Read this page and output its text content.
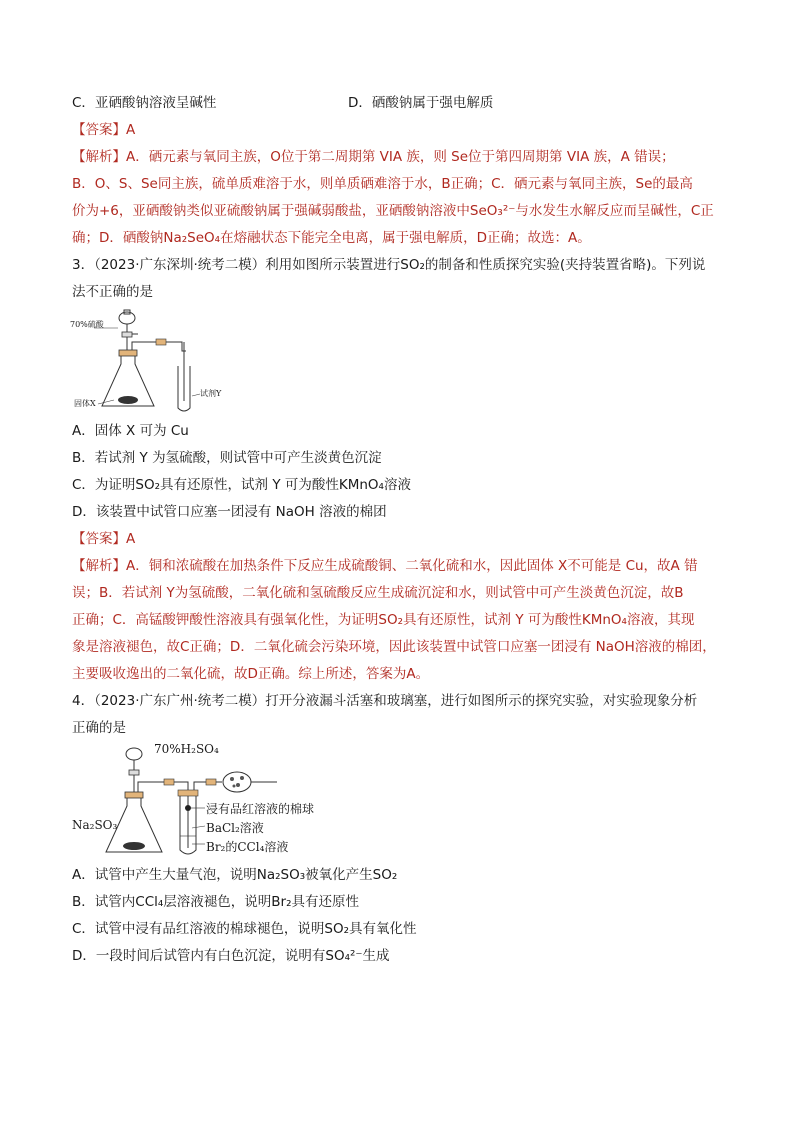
C．亚硒酸钠溶液呈碱性	D．硒酸钠属于强电解质
【答案】A
【解析】A．硒元素与氧同主族，O位于第二周期第 VIA 族，则 Se位于第四周期第 VIA 族，A 错误；
B．O、S、Se同主族，硫单质难溶于水，则单质硒难溶于水，B正确；C．硒元素与氧同主族，Se的最高
价为+6，亚硒酸钠类似亚硫酸钠属于强碱弱酸盐，亚硒酸钠溶液中SeO₃²⁻与水发生水解反应而呈碱性，C正
确；D．硒酸钠Na₂SeO₄在熔融状态下能完全电离，属于强电解质，D正确；故选：A。
3．（2023·广东深圳·统考二模）利用如图所示装置进行SO₂的制备和性质探究实验(夹持装置省略)。下列说
法不正确的是
70%硫酸
固体X
试剂Y
A．固体 X 可为 Cu
B．若试剂 Y 为氢硫酸，则试管中可产生淡黄色沉淀
C．为证明SO₂具有还原性，试剂 Y 可为酸性KMnO₄溶液
D．该装置中试管口应塞一团浸有 NaOH 溶液的棉团
【答案】A
【解析】A．铜和浓硫酸在加热条件下反应生成硫酸铜、二氧化硫和水，因此固体 X不可能是 Cu，故A 错
误；B．若试剂 Y为氢硫酸，二氧化硫和氢硫酸反应生成硫沉淀和水，则试管中可产生淡黄色沉淀，故B
正确；C．高锰酸钾酸性溶液具有强氧化性，为证明SO₂具有还原性，试剂 Y 可为酸性KMnO₄溶液，其现
象是溶液褪色，故C正确；D．二氧化硫会污染环境，因此该装置中试管口应塞一团浸有 NaOH溶液的棉团，
主要吸收逸出的二氧化硫，故D正确。综上所述，答案为A。
4．（2023·广东广州·统考二模）打开分液漏斗活塞和玻璃塞，进行如图所示的探究实验，对实验现象分析
正确的是
70%H₂SO₄
Na₂SO₃
浸有品红溶液的棉球
BaCl₂溶液
Br₂的CCl₄溶液
A．试管中产生大量气泡，说明Na₂SO₃被氧化产生SO₂
B．试管内CCl₄层溶液褪色，说明Br₂具有还原性
C．试管中浸有品红溶液的棉球褪色，说明SO₂具有氧化性
D．一段时间后试管内有白色沉淀，说明有SO₄²⁻生成
